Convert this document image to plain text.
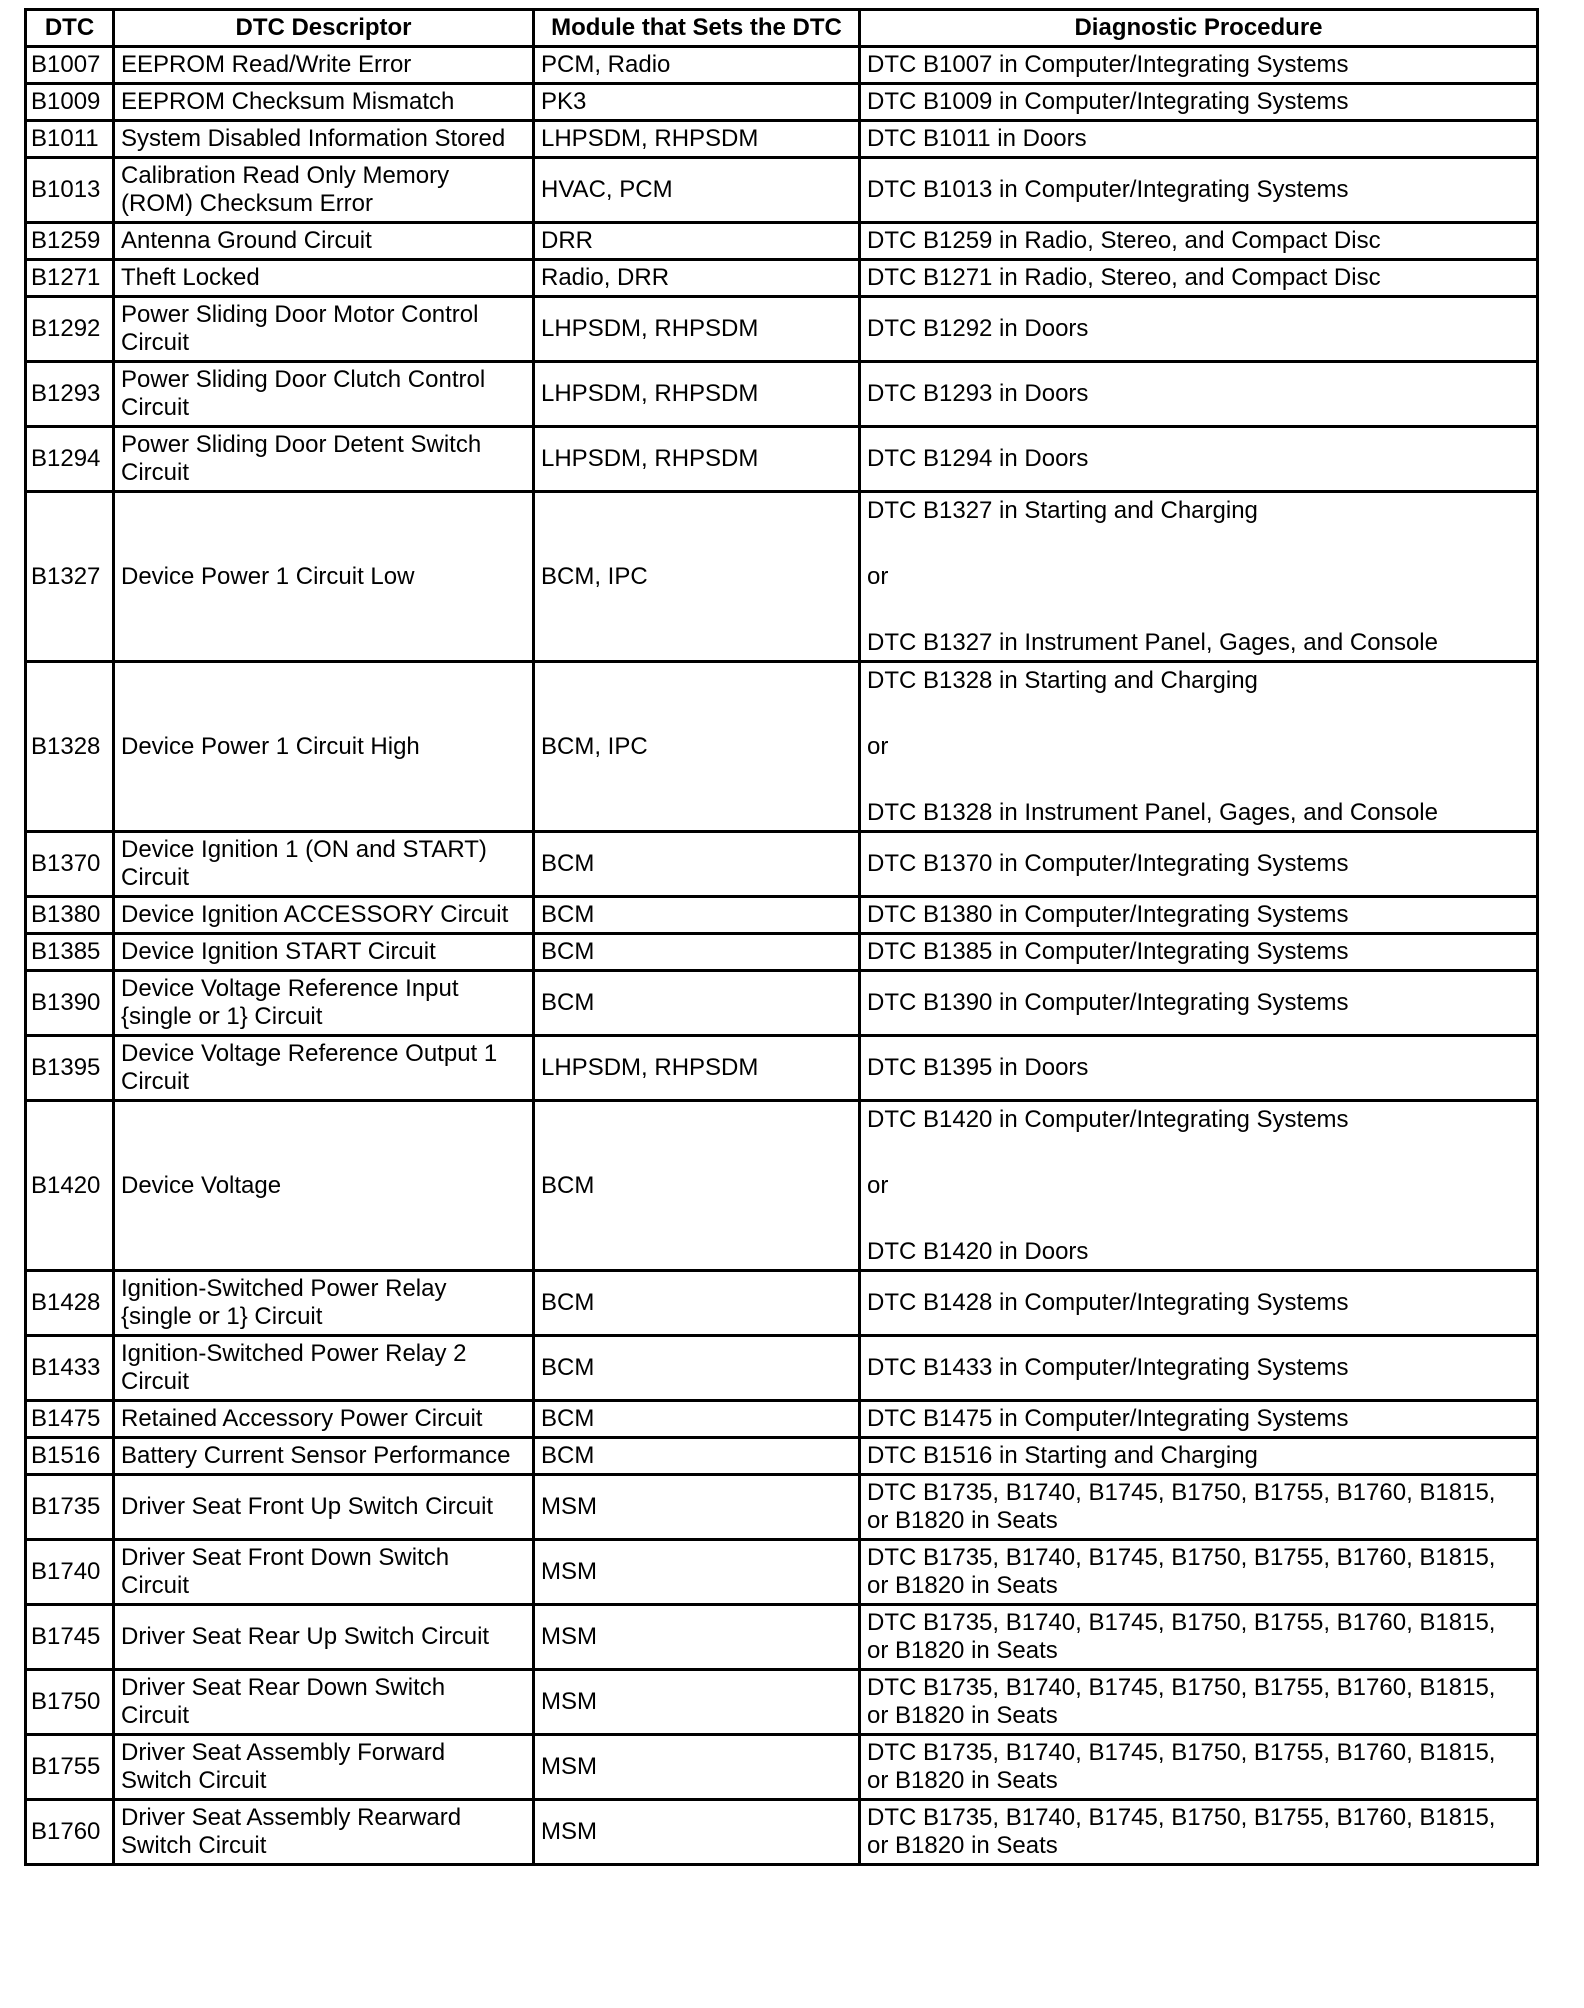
DTC	DTC Descriptor	Module that Sets the DTC	Diagnostic Procedure
B1007	EEPROM Read/Write Error	PCM, Radio	DTC B1007 in Computer/Integrating Systems

B1009	EEPROM Checksum Mismatch	PK3	DTC B1009 in Computer/Integrating Systems

B1011	System Disabled Information Stored	LHPSDM, RHPSDM	DTC B1011 in Doors

B1013	Calibration Read Only Memory
(ROM) Checksum Error	HVAC, PCM	DTC B1013 in Computer/Integrating Systems

B1259	Antenna Ground Circuit	DRR	DTC B1259 in Radio, Stereo, and Compact Disc

B1271	Theft Locked	Radio, DRR	DTC B1271 in Radio, Stereo, and Compact Disc

B1292	Power Sliding Door Motor Control
Circuit	LHPSDM, RHPSDM	DTC B1292 in Doors

B1293	Power Sliding Door Clutch Control
Circuit	LHPSDM, RHPSDM	DTC B1293 in Doors

B1294	Power Sliding Door Detent Switch
Circuit	LHPSDM, RHPSDM	DTC B1294 in Doors

B1327	Device Power 1 Circuit Low	BCM, IPC	DTC B1327 in Starting and Charging
or
DTC B1327 in Instrument Panel, Gages, and Console

B1328	Device Power 1 Circuit High	BCM, IPC	DTC B1328 in Starting and Charging
or
DTC B1328 in Instrument Panel, Gages, and Console

B1370	Device Ignition 1 (ON and START)
Circuit	BCM	DTC B1370 in Computer/Integrating Systems

B1380	Device Ignition ACCESSORY Circuit	BCM	DTC B1380 in Computer/Integrating Systems

B1385	Device Ignition START Circuit	BCM	DTC B1385 in Computer/Integrating Systems

B1390	Device Voltage Reference Input
{single or 1} Circuit	BCM	DTC B1390 in Computer/Integrating Systems

B1395	Device Voltage Reference Output 1
Circuit	LHPSDM, RHPSDM	DTC B1395 in Doors

B1420	Device Voltage	BCM	DTC B1420 in Computer/Integrating Systems
or
DTC B1420 in Doors

B1428	Ignition-Switched Power Relay
{single or 1} Circuit	BCM	DTC B1428 in Computer/Integrating Systems

B1433	Ignition-Switched Power Relay 2
Circuit	BCM	DTC B1433 in Computer/Integrating Systems

B1475	Retained Accessory Power Circuit	BCM	DTC B1475 in Computer/Integrating Systems

B1516	Battery Current Sensor Performance	BCM	DTC B1516 in Starting and Charging

B1735	Driver Seat Front Up Switch Circuit	MSM	DTC B1735, B1740, B1745, B1750, B1755, B1760, B1815,
or B1820 in Seats

B1740	Driver Seat Front Down Switch
Circuit	MSM	DTC B1735, B1740, B1745, B1750, B1755, B1760, B1815,
or B1820 in Seats

B1745	Driver Seat Rear Up Switch Circuit	MSM	DTC B1735, B1740, B1745, B1750, B1755, B1760, B1815,
or B1820 in Seats

B1750	Driver Seat Rear Down Switch
Circuit	MSM	DTC B1735, B1740, B1745, B1750, B1755, B1760, B1815,
or B1820 in Seats

B1755	Driver Seat Assembly Forward
Switch Circuit	MSM	DTC B1735, B1740, B1745, B1750, B1755, B1760, B1815,
or B1820 in Seats

B1760	Driver Seat Assembly Rearward
Switch Circuit	MSM	DTC B1735, B1740, B1745, B1750, B1755, B1760, B1815,
or B1820 in Seats
